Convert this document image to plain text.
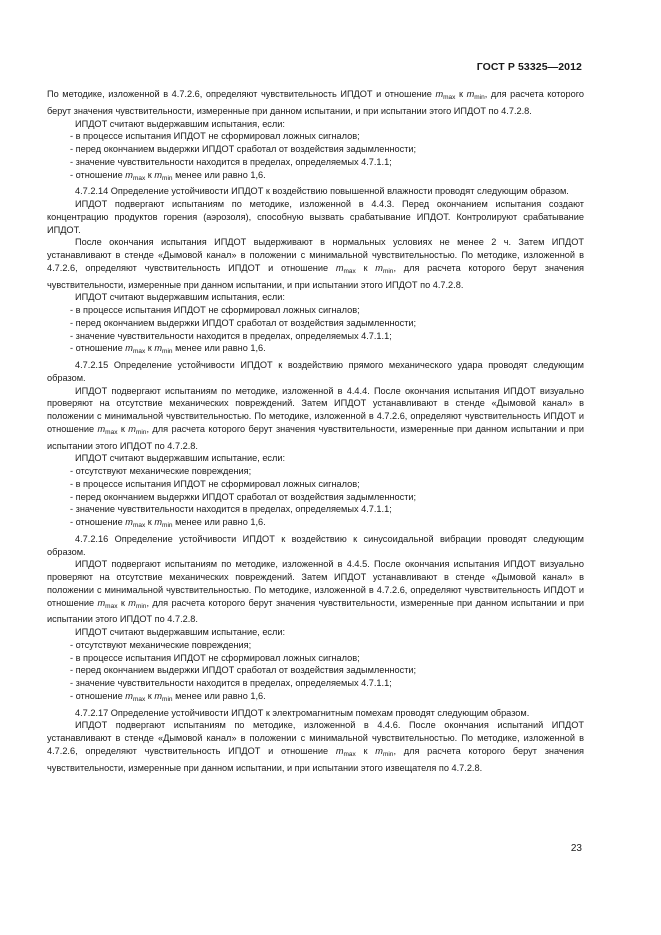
ГОСТ Р 53325—2012

По методике, изложенной в 4.7.2.6, определяют чувствительность ИПДОТ и отношение $m_{max}$ к $m_{min}$, для расчета которого берут значения чувствительности, измеренные при данном испытании, и при испытании этого ИПДОТ по 4.7.2.8.

ИПДОТ считают выдержавшим испытания, если:

- в процессе испытания ИПДОТ не сформировал ложных сигналов;

- перед окончанием выдержки ИПДОТ сработал от воздействия задымленности;

- значение чувствительности находится в пределах, определяемых 4.7.1.1;

- отношение $m_{max}$ к $m_{min}$ менее или равно 1,6.

4.7.2.14 Определение устойчивости ИПДОТ к воздействию повышенной влажности проводят следующим образом.

ИПДОТ подвергают испытаниям по методике, изложенной в 4.4.3. Перед окончанием испытания создают концентрацию продуктов горения (аэрозоля), способную вызвать срабатывание ИПДОТ. Контролируют срабатывание ИПДОТ.

После окончания испытания ИПДОТ выдерживают в нормальных условиях не менее 2 ч. Затем ИПДОТ устанавливают в стенде «Дымовой канал» в положении с минимальной чувствительностью. По методике, изложенной в 4.7.2.6, определяют чувствительность ИПДОТ и отношение $m_{max}$ к $m_{min}$, для расчета которого берут значения чувствительности, измеренные при данном испытании, и при испытании этого ИПДОТ по 4.7.2.8.

ИПДОТ считают выдержавшим испытания, если:

- в процессе испытания ИПДОТ не сформировал ложных сигналов;

- перед окончанием выдержки ИПДОТ сработал от воздействия задымленности;

- значение чувствительности находится в пределах, определяемых 4.7.1.1;

- отношение $m_{max}$ к $m_{min}$ менее или равно 1,6.

4.7.2.15 Определение устойчивости ИПДОТ к воздействию прямого механического удара проводят следующим образом.

ИПДОТ подвергают испытаниям по методике, изложенной в 4.4.4. После окончания испытания ИПДОТ визуально проверяют на отсутствие механических повреждений. Затем ИПДОТ устанавливают в стенде «Дымовой канал» в положении с минимальной чувствительностью. По методике, изложенной в 4.7.2.6, определяют чувствительность ИПДОТ и отношение $m_{max}$ к $m_{min}$, для расчета которого берут значения чувствительности, измеренные при данном испытании и при испытании этого ИПДОТ по 4.7.2.8.

ИПДОТ считают выдержавшим испытание, если:

- отсутствуют механические повреждения;

- в процессе испытания ИПДОТ не сформировал ложных сигналов;

- перед окончанием выдержки ИПДОТ сработал от воздействия задымленности;

- значение чувствительности находится в пределах, определяемых 4.7.1.1;

- отношение $m_{max}$ к $m_{min}$ менее или равно 1,6.

4.7.2.16 Определение устойчивости ИПДОТ к воздействию к синусоидальной вибрации проводят следующим образом.

ИПДОТ подвергают испытаниям по методике, изложенной в 4.4.5. После окончания испытания ИПДОТ визуально проверяют на отсутствие механических повреждений. Затем ИПДОТ устанавливают в стенде «Дымовой канал» в положении с минимальной чувствительностью. По методике, изложенной в 4.7.2.6, определяют чувствительность ИПДОТ и отношение $m_{max}$ к $m_{min}$, для расчета которого берут значения чувствительности, измеренные при данном испытании и при испытании этого ИПДОТ по 4.7.2.8.

ИПДОТ считают выдержавшим испытание, если:

- отсутствуют механические повреждения;

- в процессе испытания ИПДОТ не сформировал ложных сигналов;

- перед окончанием выдержки ИПДОТ сработал от воздействия задымленности;

- значение чувствительности находится в пределах, определяемых 4.7.1.1;

- отношение $m_{max}$ к $m_{min}$ менее или равно 1,6.

4.7.2.17 Определение устойчивости ИПДОТ к электромагнитным помехам проводят следующим образом.

ИПДОТ подвергают испытаниям по методике, изложенной в 4.4.6. После окончания испытаний ИПДОТ устанавливают в стенде «Дымовой канал» в положении с минимальной чувствительностью. По методике, изложенной в 4.7.2.6, определяют чувствительность ИПДОТ и отношение $m_{max}$ к $m_{min}$, для расчета которого берут значения чувствительности, измеренные при данном испытании, и при испытании этого извещателя по 4.7.2.8.

23
